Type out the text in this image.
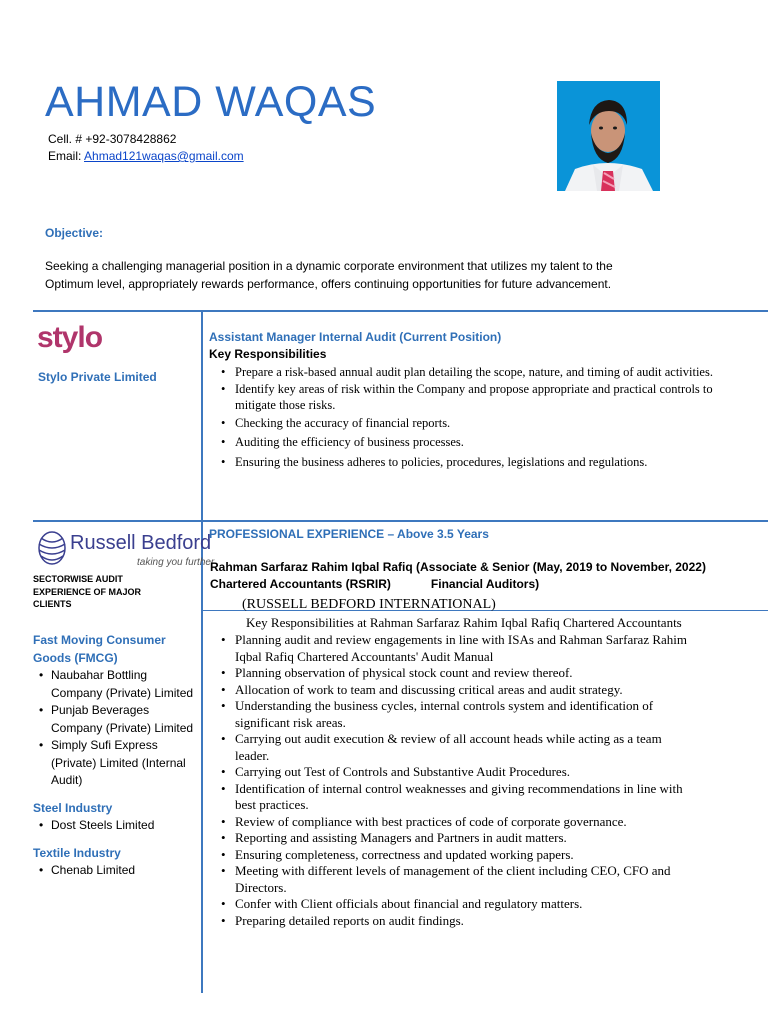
AHMAD WAQAS
Cell. # +92-3078428862
Email: Ahmad121waqas@gmail.com
Objective:
Seeking a challenging managerial position in a dynamic corporate environment that utilizes my talent to the
Optimum level, appropriately rewards performance, offers continuing opportunities for future advancement.
stylo
Stylo Private Limited
Assistant Manager Internal Audit (Current Position)
Key Responsibilities
• Prepare a risk-based annual audit plan detailing the scope, nature, and timing of audit activities.
• Identify key areas of risk within the Company and propose appropriate and practical controls to mitigate those risks.
• Checking the accuracy of financial reports.
• Auditing the efficiency of business processes.
• Ensuring the business adheres to policies, procedures, legislations and regulations.
Russell Bedford
taking you further
SECTORWISE AUDIT EXPERIENCE OF MAJOR CLIENTS
Fast Moving Consumer Goods (FMCG)
• Naubahar Bottling Company (Private) Limited
• Punjab Beverages Company (Private) Limited
• Simply Sufi Express (Private) Limited (Internal Audit)
Steel Industry
• Dost Steels Limited
Textile Industry
• Chenab Limited
PROFESSIONAL EXPERIENCE – Above 3.5 Years
Rahman Sarfaraz Rahim Iqbal Rafiq (Associate & Senior (May, 2019 to November, 2022)
Chartered Accountants (RSRIR)	Financial Auditors)
(RUSSELL BEDFORD INTERNATIONAL)
Key Responsibilities at Rahman Sarfaraz Rahim Iqbal Rafiq Chartered Accountants
• Planning audit and review engagements in line with ISAs and Rahman Sarfaraz Rahim Iqbal Rafiq Chartered Accountants' Audit Manual
• Planning observation of physical stock count and review thereof.
• Allocation of work to team and discussing critical areas and audit strategy.
• Understanding the business cycles, internal controls system and identification of significant risk areas.
• Carrying out audit execution & review of all account heads while acting as a team leader.
• Carrying out Test of Controls and Substantive Audit Procedures.
• Identification of internal control weaknesses and giving recommendations in line with best practices.
• Review of compliance with best practices of code of corporate governance.
• Reporting and assisting Managers and Partners in audit matters.
• Ensuring completeness, correctness and updated working papers.
• Meeting with different levels of management of the client including CEO, CFO and Directors.
• Confer with Client officials about financial and regulatory matters.
• Preparing detailed reports on audit findings.
